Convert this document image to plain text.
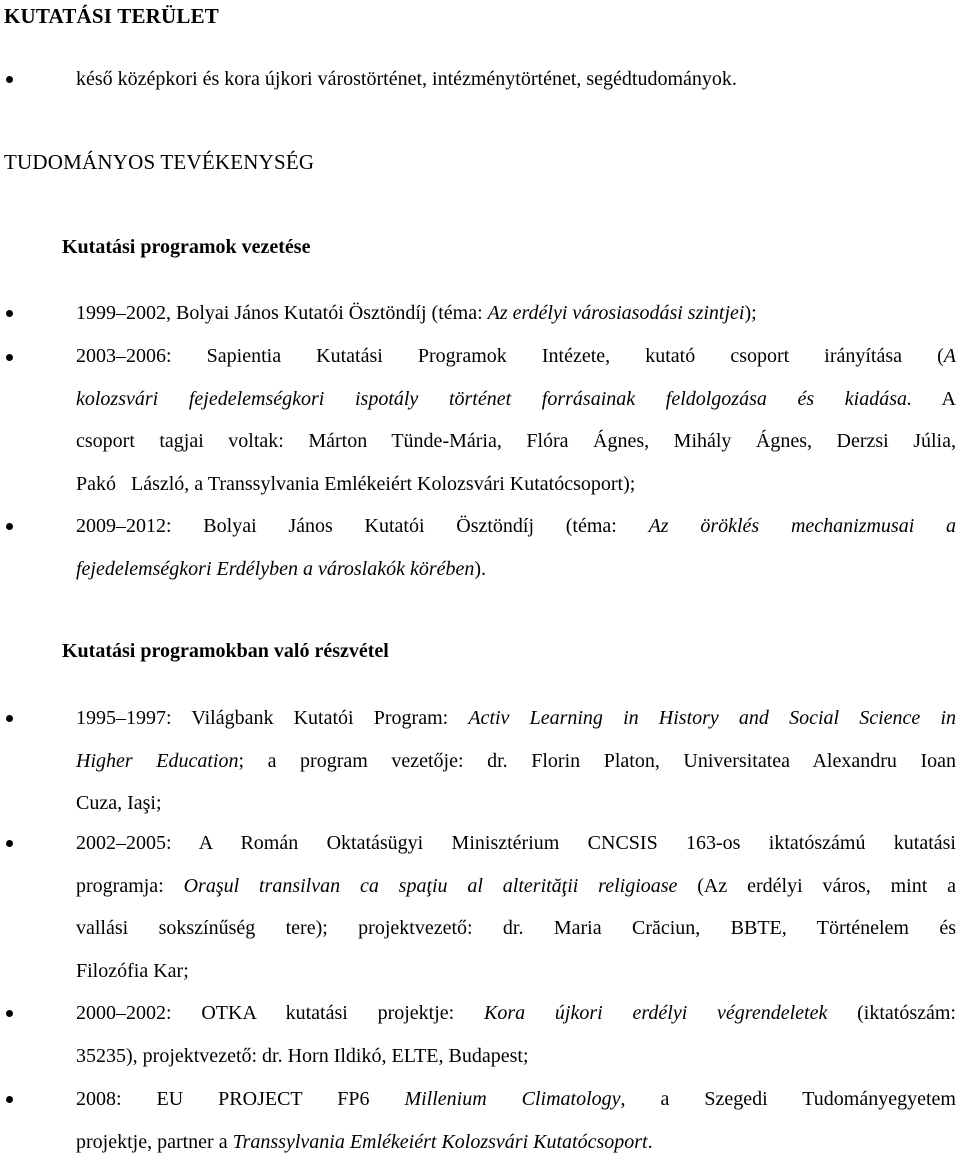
KUTATÁSI TERÜLET
késő középkori és kora újkori várostörténet, intézménytörténet, segédtudományok.
TUDOMÁNYOS TEVÉKENYSÉG
Kutatási programok vezetése
1999–2002, Bolyai János Kutatói Ösztöndíj (téma: Az erdélyi városiasodási szintjei);
2003–2006: Sapientia Kutatási Programok Intézete, kutató csoport irányítása (A
kolozsvári fejedelemségkori ispotály történet forrásainak feldolgozása és kiadása. A
csoport tagjai voltak: Márton Tünde-Mária, Flóra Ágnes, Mihály Ágnes, Derzsi Júlia,
Pakó   László, a Transsylvania Emlékeiért Kolozsvári Kutatócsoport);
2009–2012: Bolyai János Kutatói Ösztöndíj (téma: Az öröklés mechanizmusai a
fejedelemségkori Erdélyben a városlakók körében).
Kutatási programokban való részvétel
1995–1997: Világbank Kutatói Program: Activ Learning in History and Social Science in
Higher Education; a program vezetője: dr. Florin Platon, Universitatea Alexandru Ioan
Cuza, Iaşi;
2002–2005: A Román Oktatásügyi Minisztérium CNCSIS 163-os iktatószámú kutatási
programja: Oraşul transilvan ca spaţiu al alterităţii religioase (Az erdélyi város, mint a
vallási sokszínűség tere); projektvezető: dr. Maria Crăciun, BBTE, Történelem és
Filozófia Kar;
2000–2002: OTKA kutatási projektje: Kora újkori erdélyi végrendeletek (iktatószám:
35235), projektvezető: dr. Horn Ildikó, ELTE, Budapest;
2008: EU PROJECT FP6 Millenium Climatology, a Szegedi Tudományegyetem
projektje, partner a Transsylvania Emlékeiért Kolozsvári Kutatócsoport.
